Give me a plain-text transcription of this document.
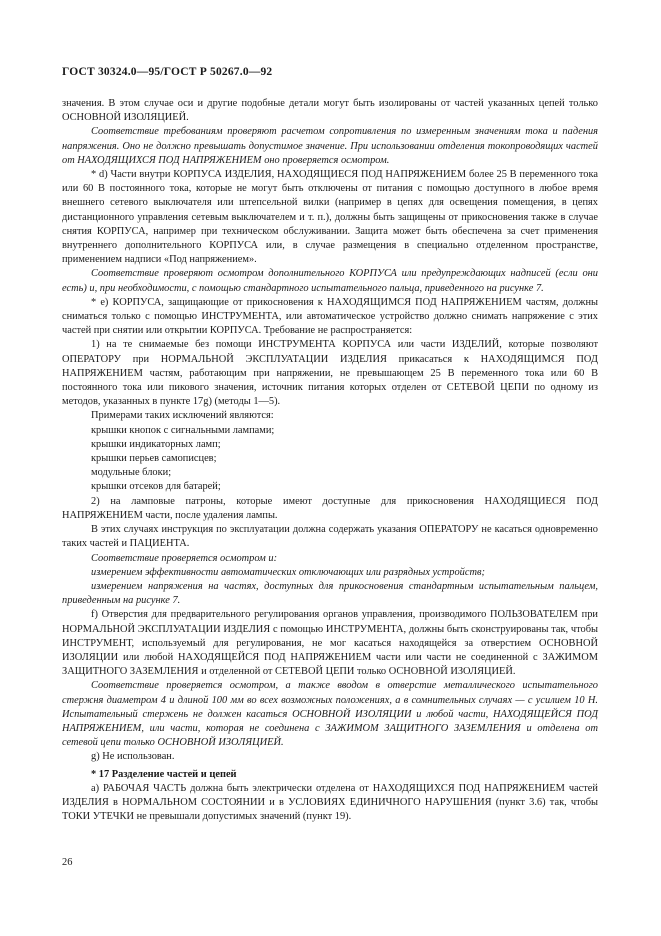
ГОСТ 30324.0—95/ГОСТ Р 50267.0—92

значения. В этом случае оси и другие подобные детали могут быть изолированы от частей указанных цепей только ОСНОВНОЙ ИЗОЛЯЦИЕЙ.

Соответствие требованиям проверяют расчетом сопротивления по измеренным значениям тока и падения напряжения. Оно не должно превышать допустимое значение. При использовании отделения токопроводящих частей от НАХОДЯЩИХСЯ ПОД НАПРЯЖЕНИЕМ оно проверяется осмотром.

* d) Части внутри КОРПУСА ИЗДЕЛИЯ, НАХОДЯЩИЕСЯ ПОД НАПРЯЖЕНИЕМ более 25 В переменного тока или 60 В постоянного тока, которые не могут быть отключены от питания с помощью доступного в любое время внешнего сетевого выключателя или штепсельной вилки (например в цепях для освещения помещения, в цепях дистанционного управления сетевым выключателем и т. п.), должны быть защищены от прикосновения также в случае снятия КОРПУСА, например при техническом обслуживании. Защита может быть обеспечена за счет применения внутреннего дополнительного КОРПУСА или, в случае размещения в специально отделенном пространстве, применением надписи «Под напряжением».

Соответствие проверяют осмотром дополнительного КОРПУСА или предупреждающих надписей (если они есть) и, при необходимости, с помощью стандартного испытательного пальца, приведенного на рисунке 7.

* e) КОРПУСА, защищающие от прикосновения к НАХОДЯЩИМСЯ ПОД НАПРЯЖЕНИЕМ частям, должны сниматься только с помощью ИНСТРУМЕНТА, или автоматическое устройство должно снимать напряжение с этих частей при снятии или открытии КОРПУСА. Требование не распространяется:

1) на те снимаемые без помощи ИНСТРУМЕНТА КОРПУСА или части ИЗДЕЛИЙ, которые позволяют ОПЕРАТОРУ при НОРМАЛЬНОЙ ЭКСПЛУАТАЦИИ ИЗДЕЛИЯ прикасаться к НАХОДЯЩИМСЯ ПОД НАПРЯЖЕНИЕМ частям, работающим при напряжении, не превышающем 25 В переменного тока или 60 В постоянного тока или пикового значения, источник питания которых отделен от СЕТЕВОЙ ЦЕПИ по одному из методов, указанных в пункте 17g) (методы 1—5).

Примерами таких исключений являются:

крышки кнопок с сигнальными лампами;

крышки индикаторных ламп;

крышки перьев самописцев;

модульные блоки;

крышки отсеков для батарей;

2) на ламповые патроны, которые имеют доступные для прикосновения НАХОДЯЩИЕСЯ ПОД НАПРЯЖЕНИЕМ части, после удаления лампы.

В этих случаях инструкция по эксплуатации должна содержать указания ОПЕРАТОРУ не касаться одновременно таких частей и ПАЦИЕНТА.

Соответствие проверяется осмотром и:

измерением эффективности автоматических отключающих или разрядных устройств;

измерением напряжения на частях, доступных для прикосновения стандартным испытательным пальцем, приведенным на рисунке 7.

f) Отверстия для предварительного регулирования органов управления, производимого ПОЛЬЗОВАТЕЛЕМ при НОРМАЛЬНОЙ ЭКСПЛУАТАЦИИ ИЗДЕЛИЯ с помощью ИНСТРУМЕНТА, должны быть сконструированы так, чтобы ИНСТРУМЕНТ, используемый для регулирования, не мог касаться находящейся за отверстием ОСНОВНОЙ ИЗОЛЯЦИИ или любой НАХОДЯЩЕЙСЯ ПОД НАПРЯЖЕНИЕМ части или части не соединенной с ЗАЖИМОМ ЗАЩИТНОГО ЗАЗЕМЛЕНИЯ и отделенной от СЕТЕВОЙ ЦЕПИ только ОСНОВНОЙ ИЗОЛЯЦИЕЙ.

Соответствие проверяется осмотром, а также вводом в отверстие металлического испытательного стержня диаметром 4 и длиной 100 мм во всех возможных положениях, а в сомнительных случаях — с усилием 10 Н. Испытательный стержень не должен касаться ОСНОВНОЙ ИЗОЛЯЦИИ и любой части, НАХОДЯЩЕЙСЯ ПОД НАПРЯЖЕНИЕМ, или части, которая не соединена с ЗАЖИМОМ ЗАЩИТНОГО ЗАЗЕМЛЕНИЯ и отделена от сетевой цепи только ОСНОВНОЙ ИЗОЛЯЦИЕЙ.

g) Не использован.

* 17 Разделение частей и цепей

a) РАБОЧАЯ ЧАСТЬ должна быть электрически отделена от НАХОДЯЩИХСЯ ПОД НАПРЯЖЕНИЕМ частей ИЗДЕЛИЯ в НОРМАЛЬНОМ СОСТОЯНИИ и в УСЛОВИЯХ ЕДИНИЧНОГО НАРУШЕНИЯ (пункт 3.6) так, чтобы ТОКИ УТЕЧКИ не превышали допустимых значений (пункт 19).

26
